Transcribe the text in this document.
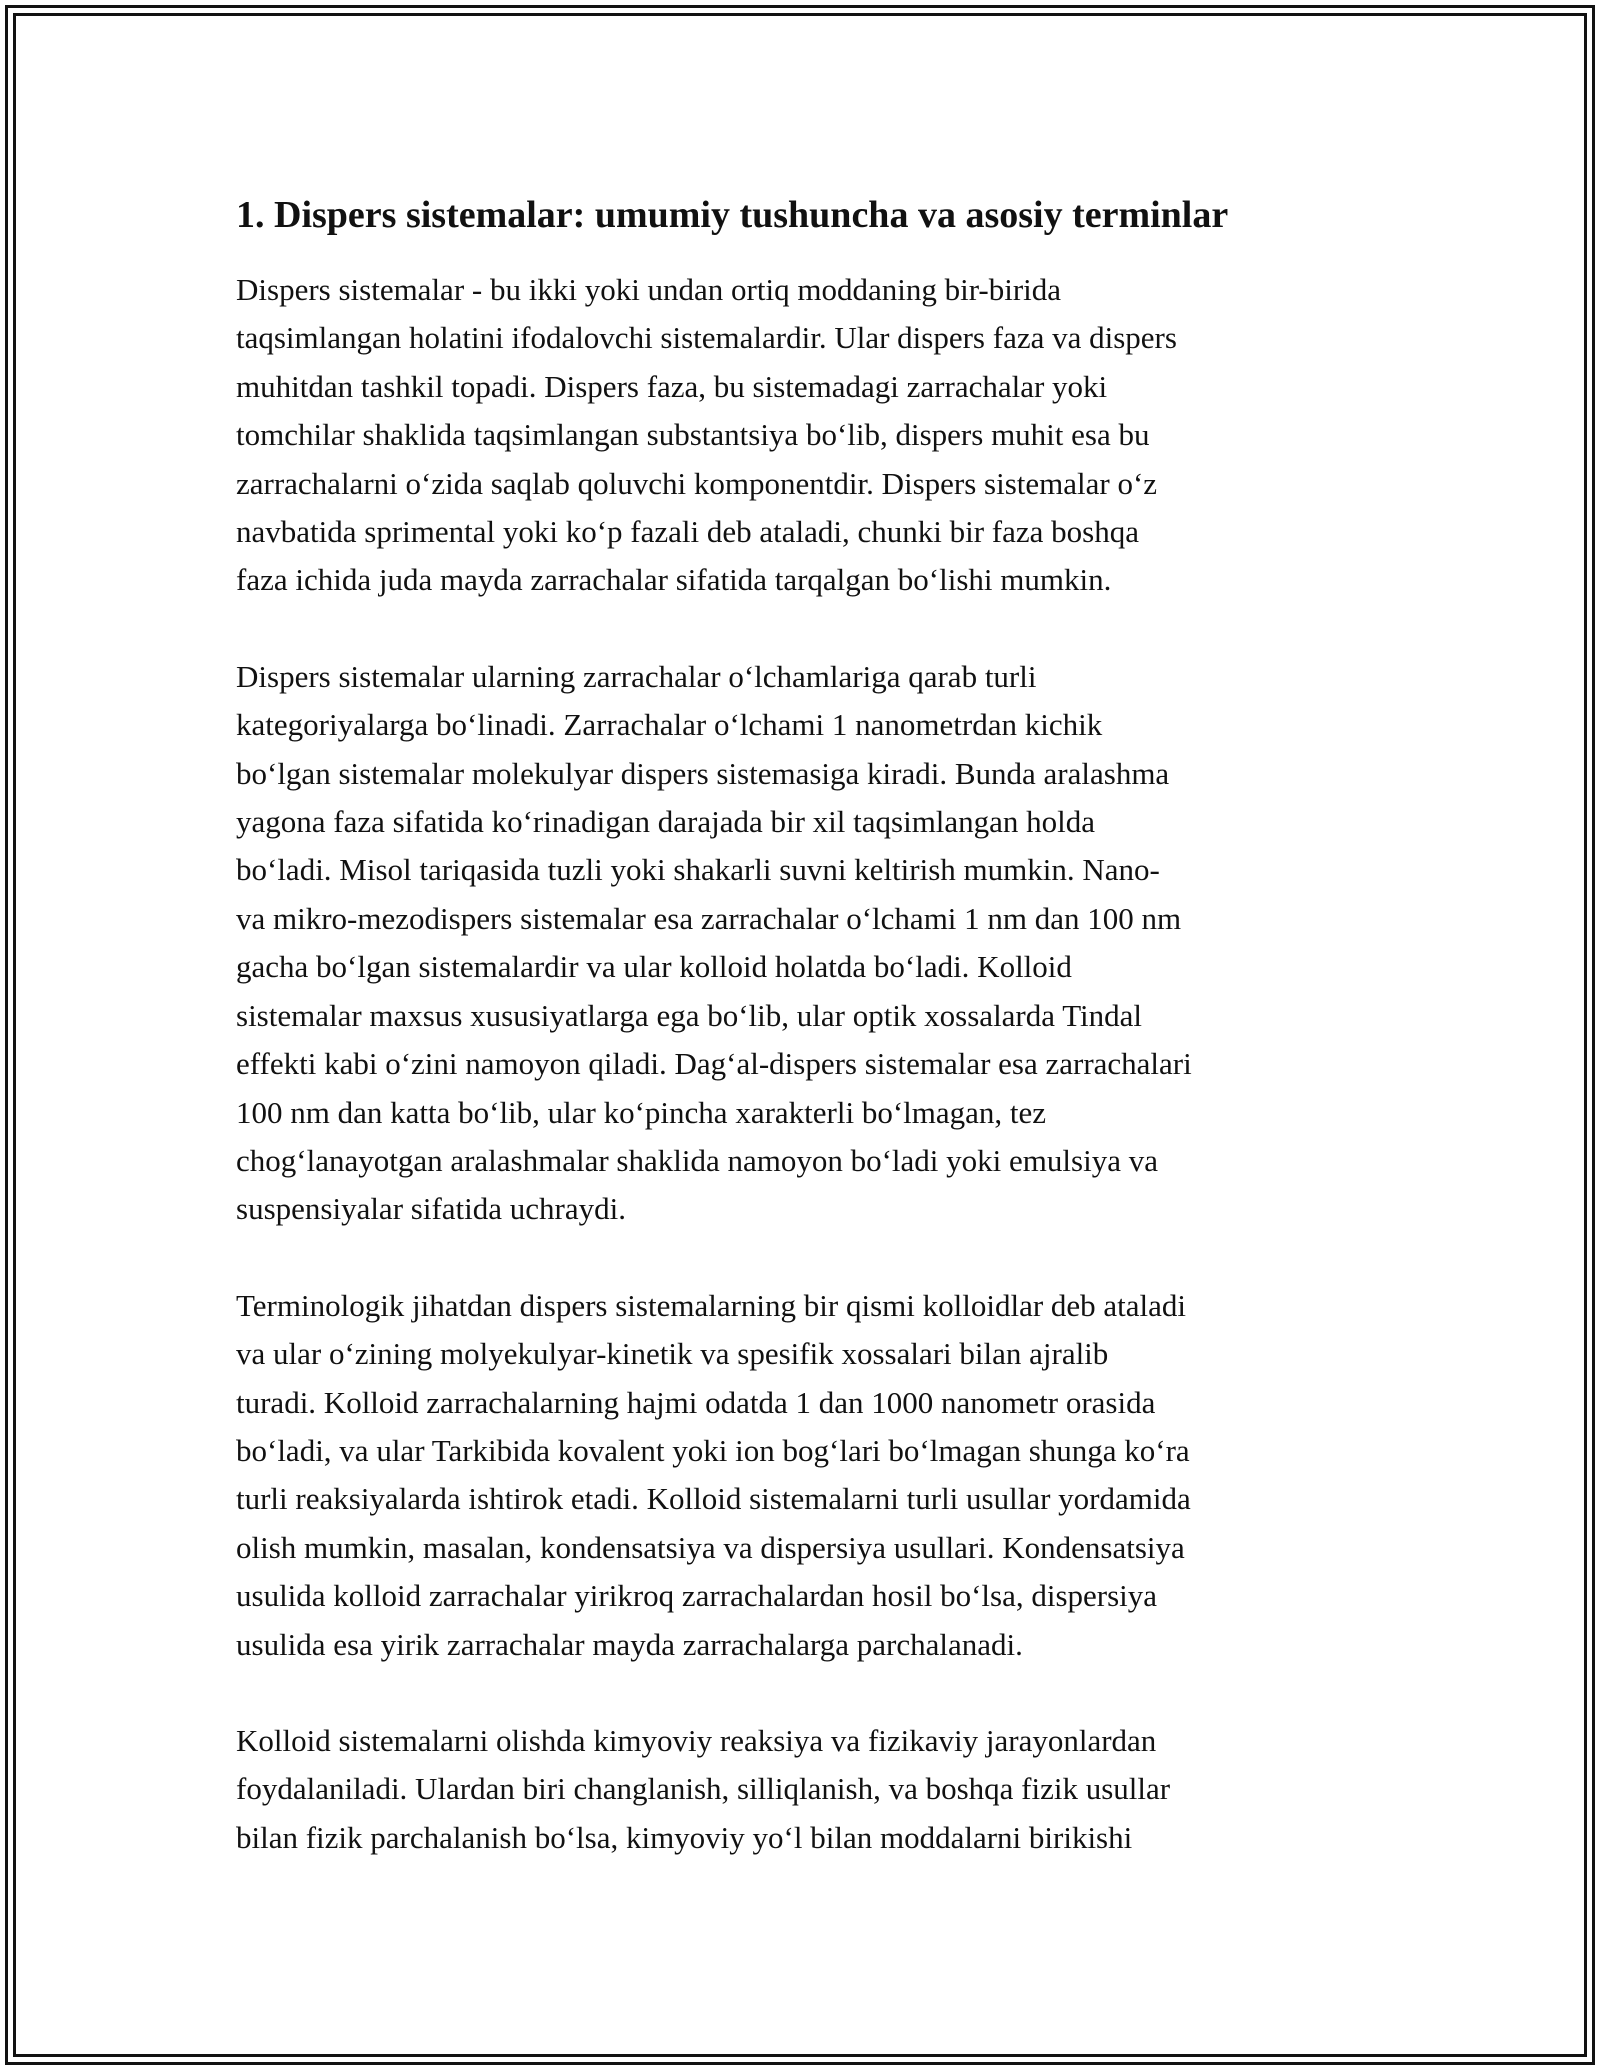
1. Dispers sistemalar: umumiy tushuncha va asosiy terminlar

Dispers sistemalar - bu ikki yoki undan ortiq moddaning bir-birida
taqsimlangan holatini ifodalovchi sistemalardir. Ular dispers faza va dispers
muhitdan tashkil topadi. Dispers faza, bu sistemadagi zarrachalar yoki
tomchilar shaklida taqsimlangan substantsiya boʻlib, dispers muhit esa bu
zarrachalarni oʻzida saqlab qoluvchi komponentdir. Dispers sistemalar oʻz
navbatida sprimental yoki koʻp fazali deb ataladi, chunki bir faza boshqa
faza ichida juda mayda zarrachalar sifatida tarqalgan boʻlishi mumkin.

Dispers sistemalar ularning zarrachalar oʻlchamlariga qarab turli
kategoriyalarga boʻlinadi. Zarrachalar oʻlchami 1 nanometrdan kichik
boʻlgan sistemalar molekulyar dispers sistemasiga kiradi. Bunda aralashma
yagona faza sifatida koʻrinadigan darajada bir xil taqsimlangan holda
boʻladi. Misol tariqasida tuzli yoki shakarli suvni keltirish mumkin. Nano-
va mikro-mezodispers sistemalar esa zarrachalar oʻlchami 1 nm dan 100 nm
gacha boʻlgan sistemalardir va ular kolloid holatda boʻladi. Kolloid
sistemalar maxsus xususiyatlarga ega boʻlib, ular optik xossalarda Tindal
effekti kabi oʻzini namoyon qiladi. Dagʻal-dispers sistemalar esa zarrachalari
100 nm dan katta boʻlib, ular koʻpincha xarakterli boʻlmagan, tez
chogʻlanayotgan aralashmalar shaklida namoyon boʻladi yoki emulsiya va
suspensiyalar sifatida uchraydi.

Terminologik jihatdan dispers sistemalarning bir qismi kolloidlar deb ataladi
va ular oʻzining molyekulyar-kinetik va spesifik xossalari bilan ajralib
turadi. Kolloid zarrachalarning hajmi odatda 1 dan 1000 nanometr orasida
boʻladi, va ular Tarkibida kovalent yoki ion bogʻlari boʻlmagan shunga koʻra
turli reaksiyalarda ishtirok etadi. Kolloid sistemalarni turli usullar yordamida
olish mumkin, masalan, kondensatsiya va dispersiya usullari. Kondensatsiya
usulida kolloid zarrachalar yirikroq zarrachalardan hosil boʻlsa, dispersiya
usulida esa yirik zarrachalar mayda zarrachalarga parchalanadi.

Kolloid sistemalarni olishda kimyoviy reaksiya va fizikaviy jarayonlardan
foydalaniladi. Ulardan biri changlanish, silliqlanish, va boshqa fizik usullar
bilan fizik parchalanish boʻlsa, kimyoviy yoʻl bilan moddalarni birikishi
